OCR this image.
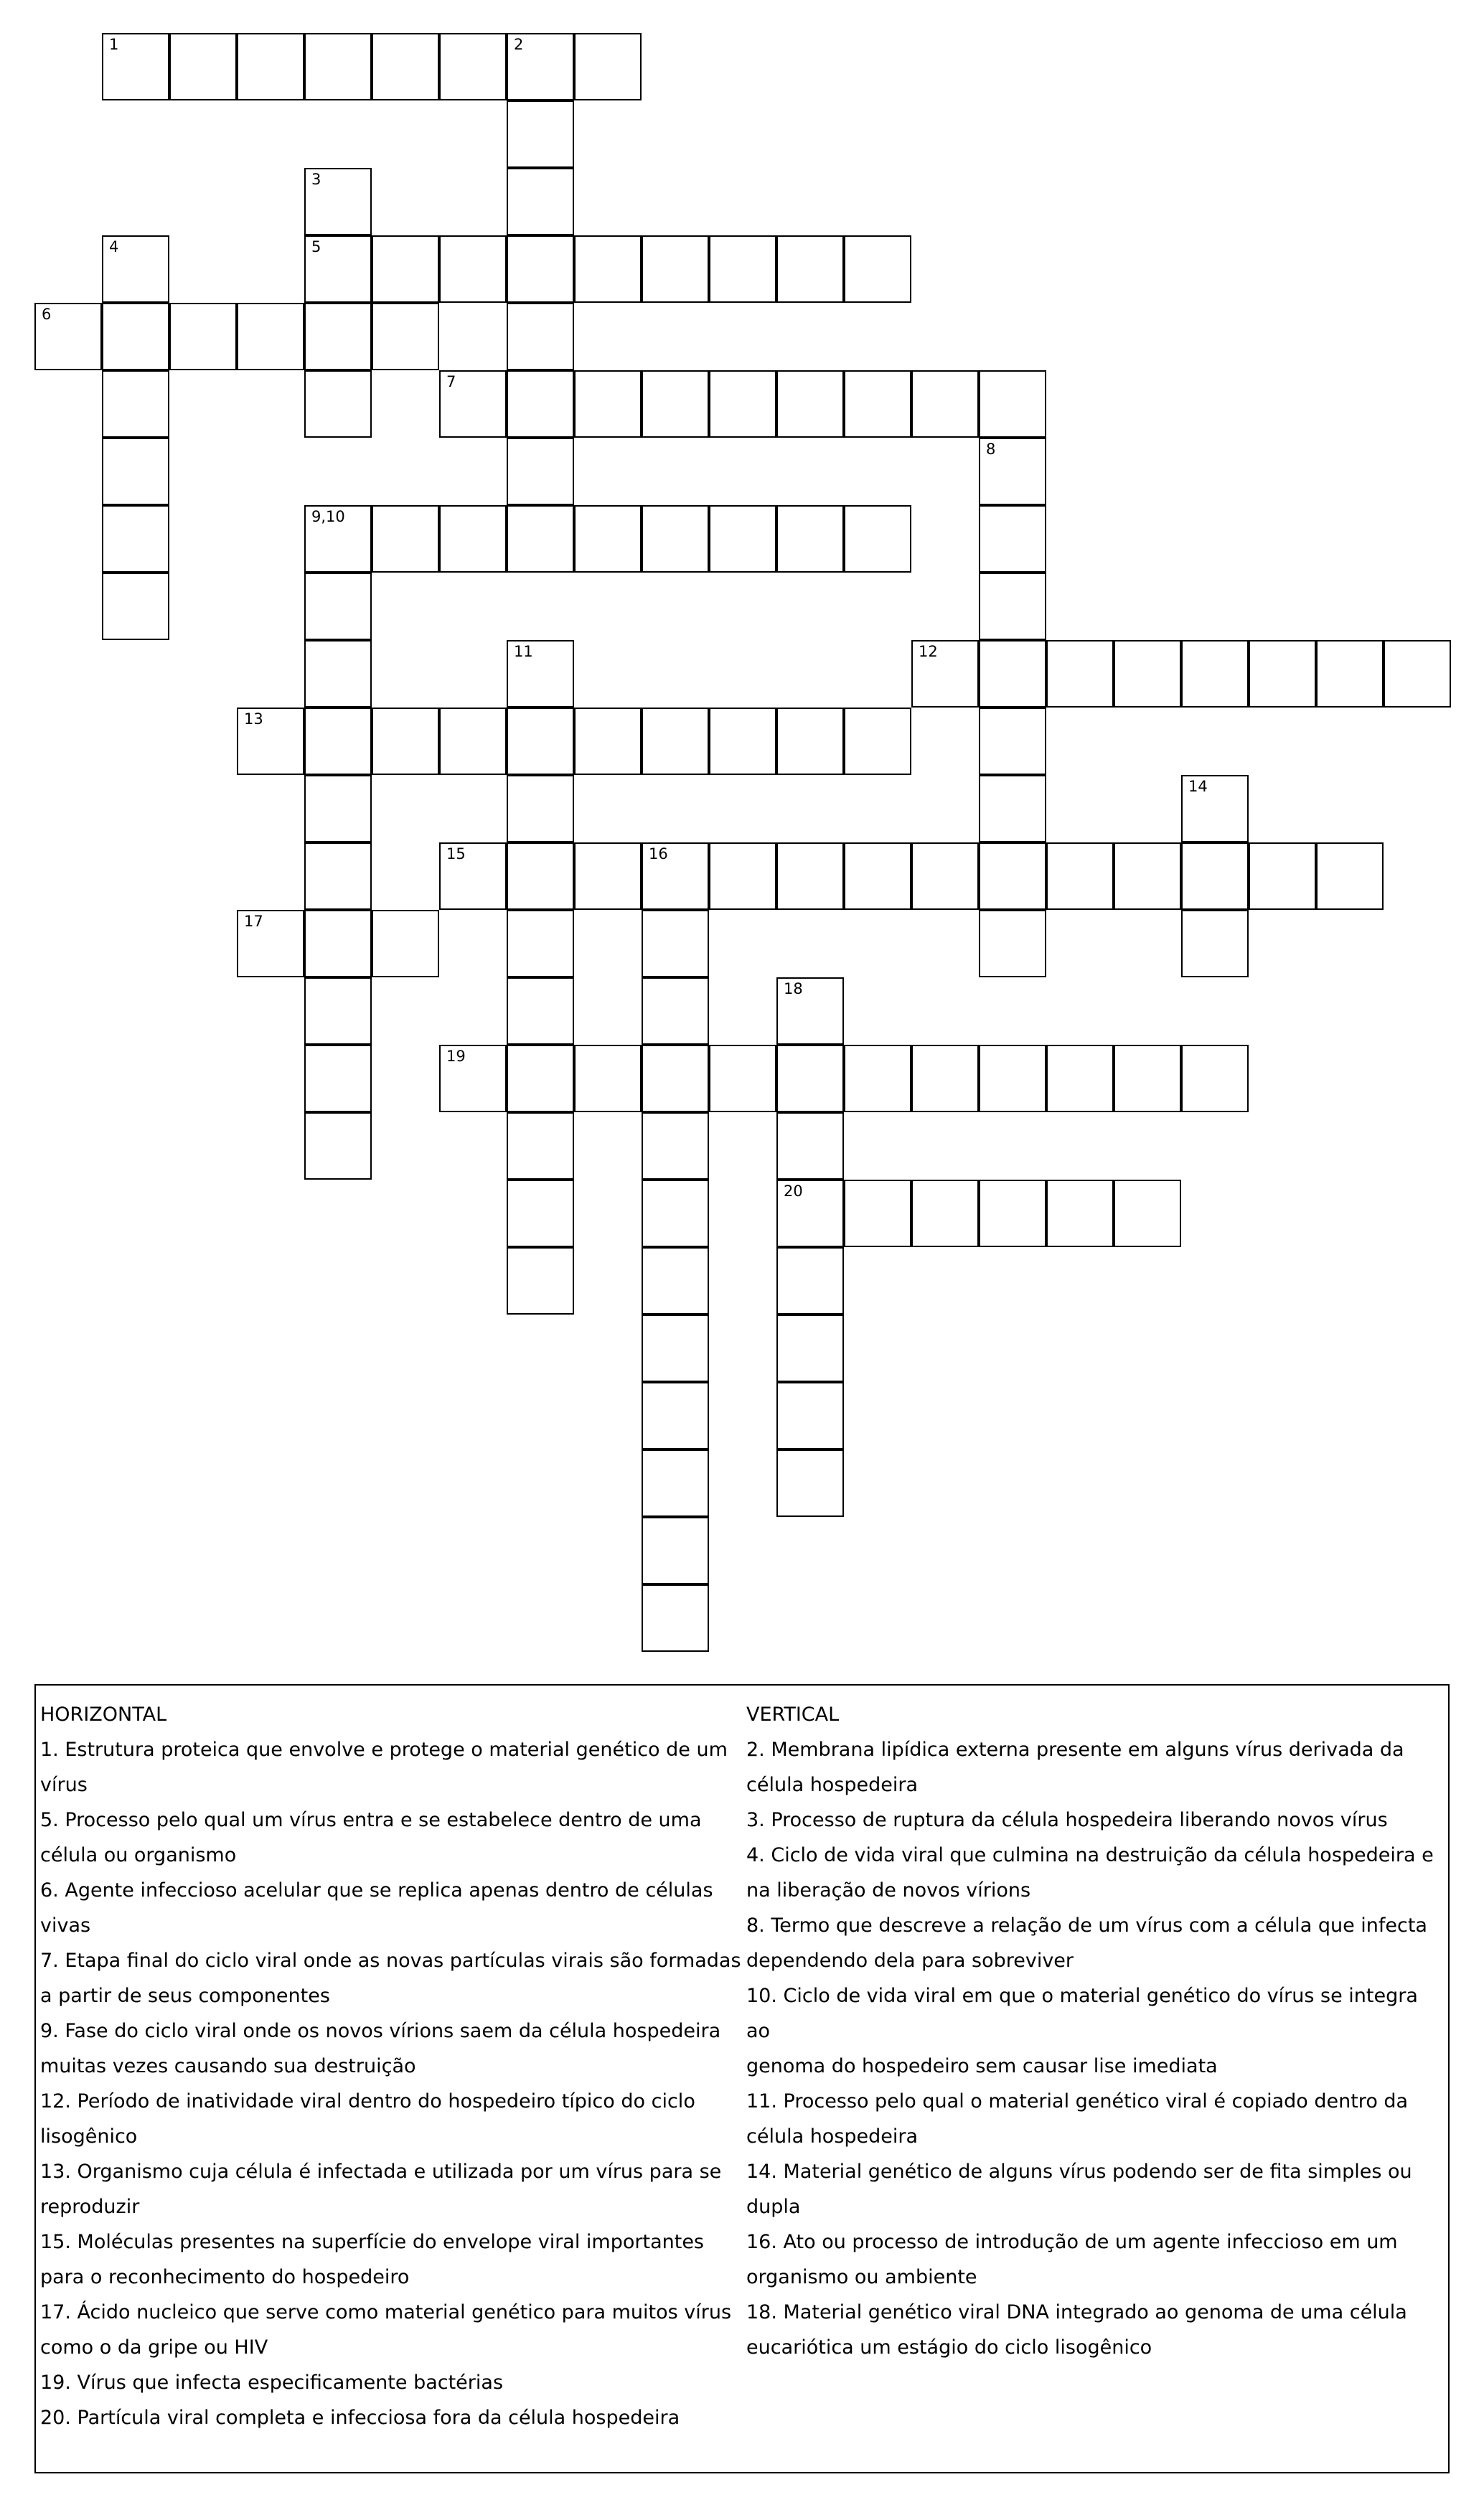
1	2
3
5
4
6
7
8
9,10
11	12
13
14
15	16
17
18
20
19
HORIZONTAL
1. Estrutura proteica que envolve e protege o material genético de um
vírus
5. Processo pelo qual um vírus entra e se estabelece dentro de uma
célula ou organismo
6. Agente infeccioso acelular que se replica apenas dentro de células
vivas
7. Etapa final do ciclo viral onde as novas partículas virais são formadas
a partir de seus componentes
9. Fase do ciclo viral onde os novos vírions saem da célula hospedeira
muitas vezes causando sua destruição
12. Período de inatividade viral dentro do hospedeiro típico do ciclo
lisogênico
13. Organismo cuja célula é infectada e utilizada por um vírus para se
reproduzir
15. Moléculas presentes na superfície do envelope viral importantes
para o reconhecimento do hospedeiro
17. Ácido nucleico que serve como material genético para muitos vírus
como o da gripe ou HIV
19. Vírus que infecta especificamente bactérias
20. Partícula viral completa e infecciosa fora da célula hospedeira
VERTICAL
2. Membrana lipídica externa presente em alguns vírus derivada da
célula hospedeira
3. Processo de ruptura da célula hospedeira liberando novos vírus
4. Ciclo de vida viral que culmina na destruição da célula hospedeira e
na liberação de novos vírions
8. Termo que descreve a relação de um vírus com a célula que infecta
dependendo dela para sobreviver
10. Ciclo de vida viral em que o material genético do vírus se integra ao
genoma do hospedeiro sem causar lise imediata
11. Processo pelo qual o material genético viral é copiado dentro da
célula hospedeira
14. Material genético de alguns vírus podendo ser de fita simples ou
dupla
16. Ato ou processo de introdução de um agente infeccioso em um
organismo ou ambiente
18. Material genético viral DNA integrado ao genoma de uma célula
eucariótica um estágio do ciclo lisogênico
